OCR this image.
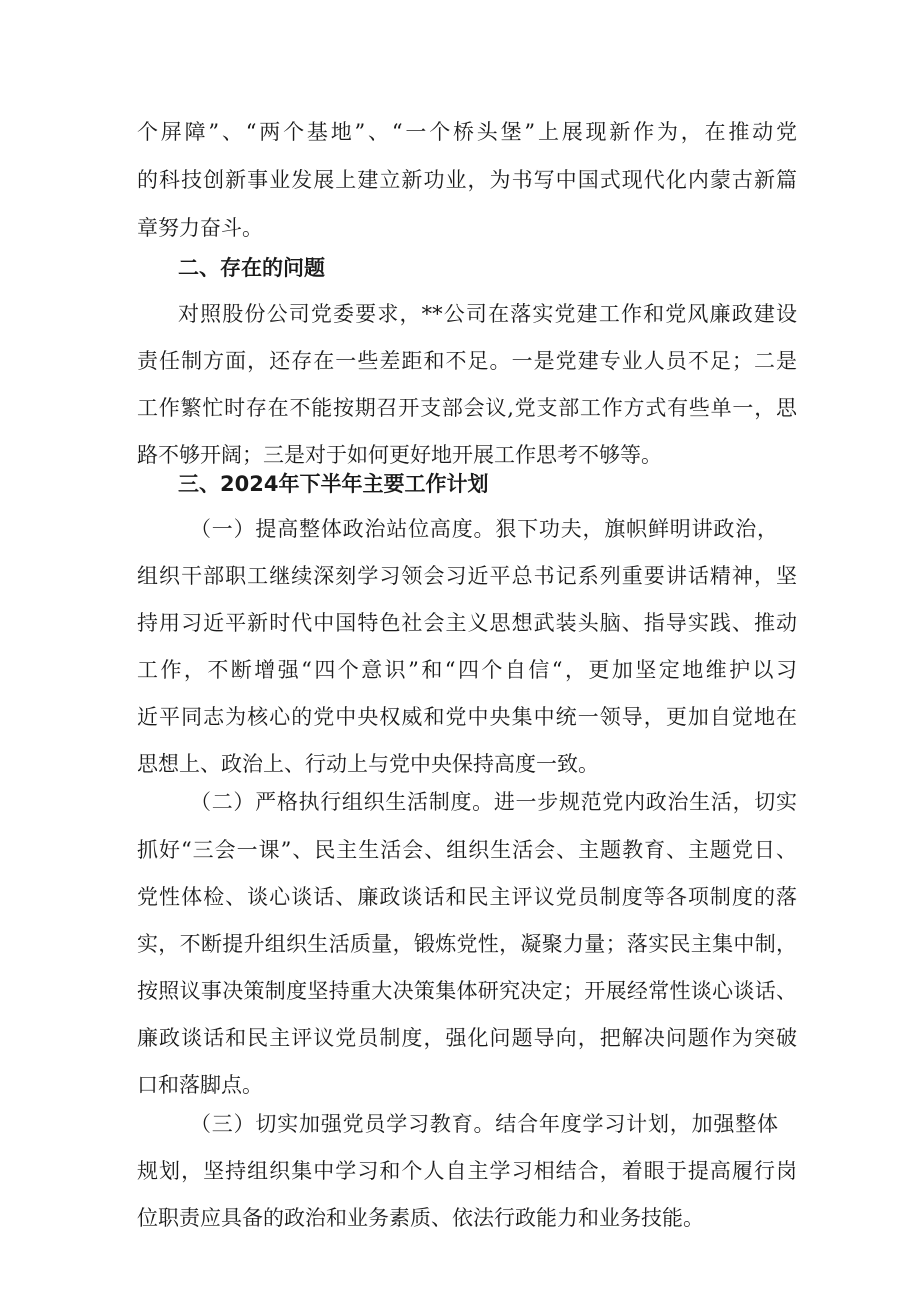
个屏障”、“两个基地”、“一个桥头堡”上展现新作为，在推动党
的科技创新事业发展上建立新功业，为书写中国式现代化内蒙古新篇
章努力奋斗。
二、存在的问题
对照股份公司党委要求，**公司在落实党建工作和党风廉政建设
责任制方面，还存在一些差距和不足。一是党建专业人员不足；二是
工作繁忙时存在不能按期召开支部会议,党支部工作方式有些单一，思
路不够开阔；三是对于如何更好地开展工作思考不够等。
三、2024年下半年主要工作计划
（一）提高整体政治站位高度。狠下功夫，旗帜鲜明讲政治，
组织干部职工继续深刻学习领会习近平总书记系列重要讲话精神，坚
持用习近平新时代中国特色社会主义思想武装头脑、指导实践、推动
工作，不断增强“四个意识”和“四个自信“，更加坚定地维护以习
近平同志为核心的党中央权威和党中央集中统一领导，更加自觉地在
思想上、政治上、行动上与党中央保持高度一致。
（二）严格执行组织生活制度。进一步规范党内政治生活，切实
抓好“三会一课”、民主生活会、组织生活会、主题教育、主题党日、
党性体检、谈心谈话、廉政谈话和民主评议党员制度等各项制度的落
实，不断提升组织生活质量，锻炼党性，凝聚力量；落实民主集中制，
按照议事决策制度坚持重大决策集体研究决定；开展经常性谈心谈话、
廉政谈话和民主评议党员制度，强化问题导向，把解决问题作为突破
口和落脚点。
（三）切实加强党员学习教育。结合年度学习计划，加强整体
规划，坚持组织集中学习和个人自主学习相结合，着眼于提高履行岗
位职责应具备的政治和业务素质、依法行政能力和业务技能。
